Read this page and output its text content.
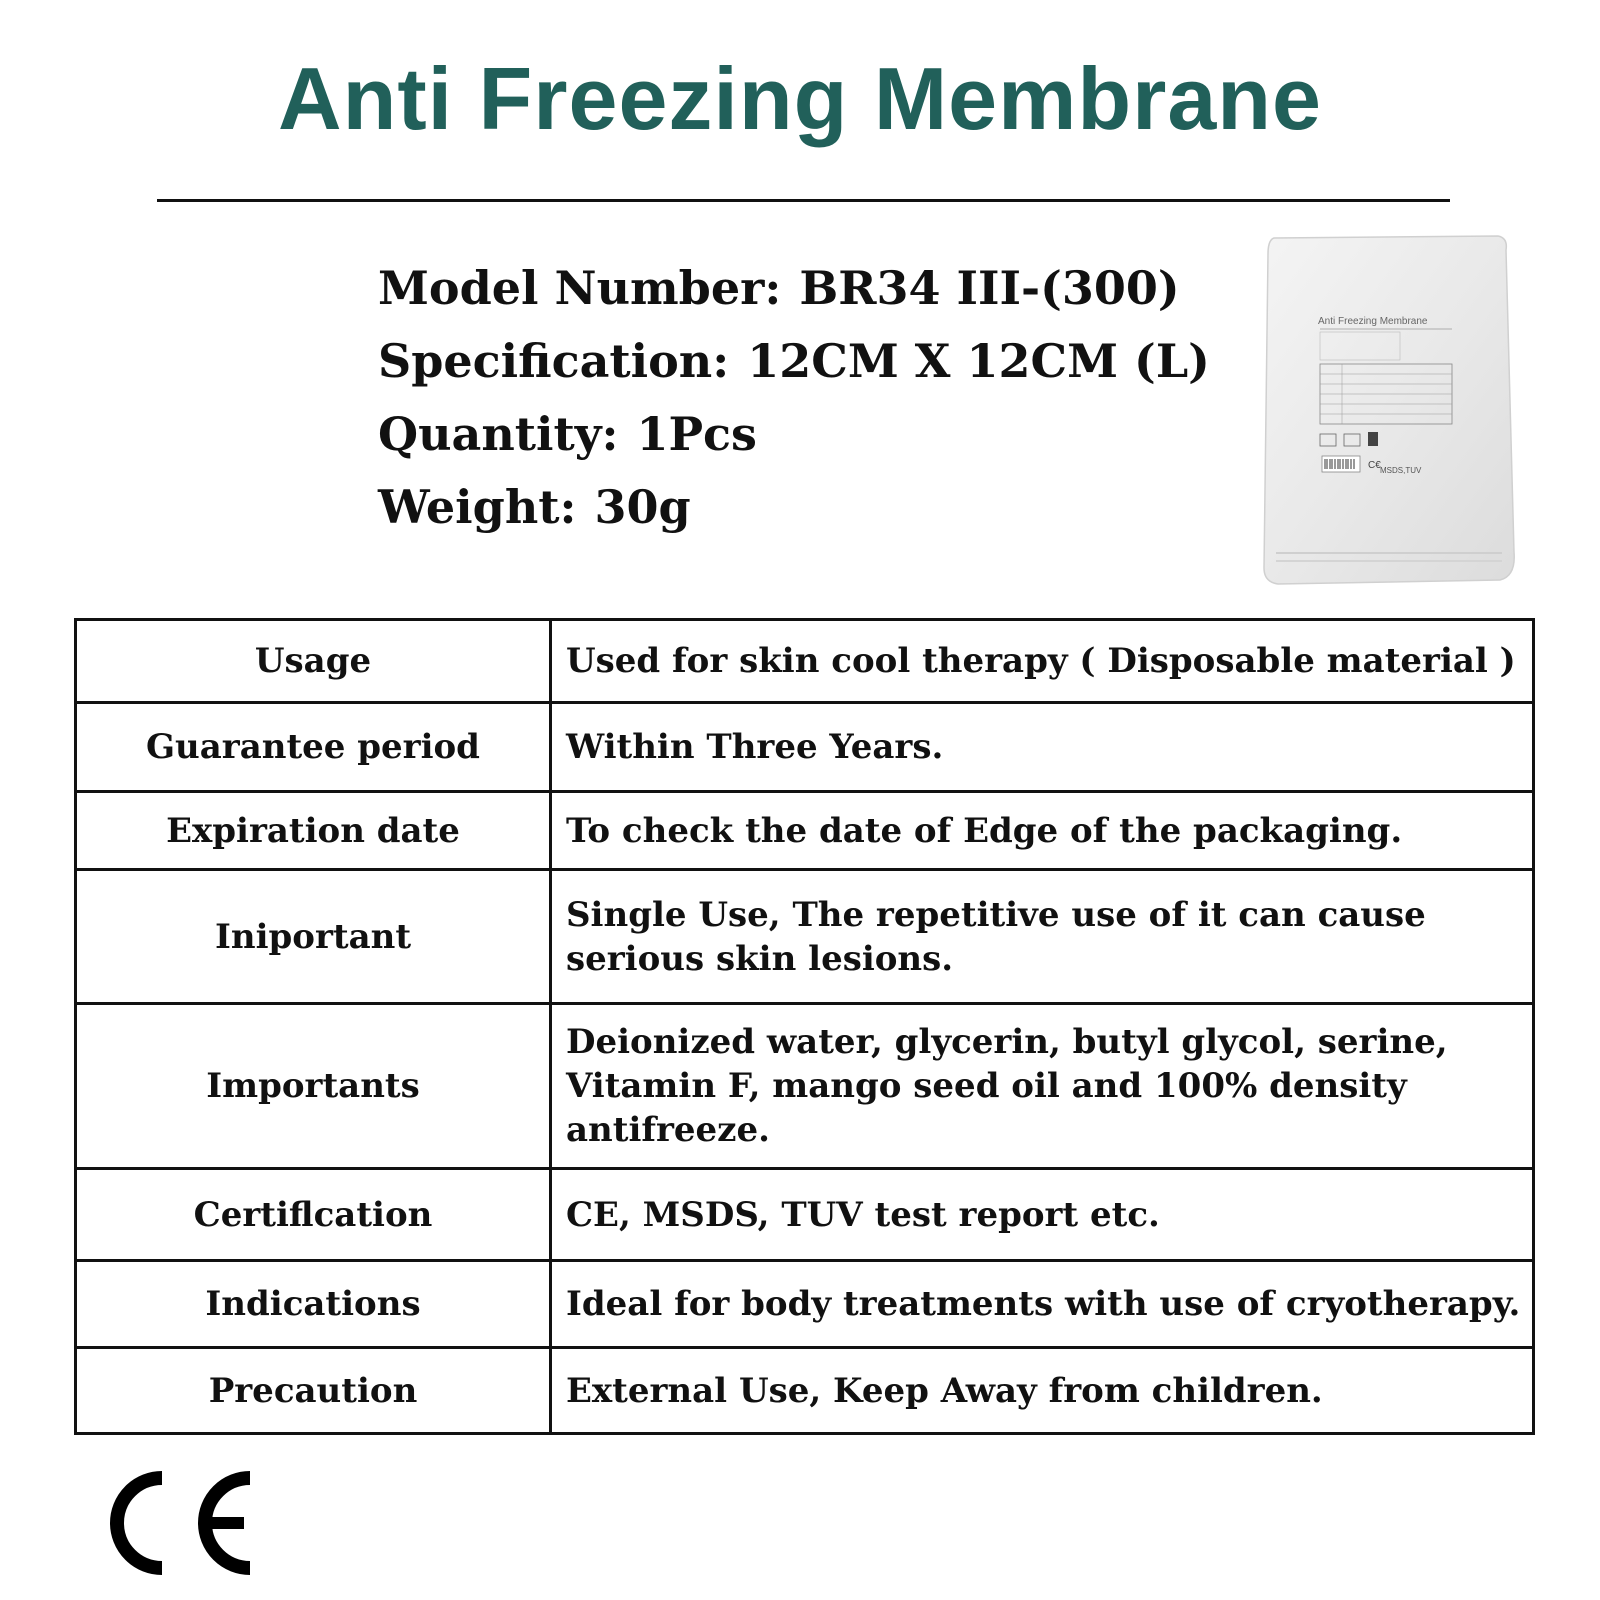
Anti Freezing Membrane
Model Number: BR34 III-(300)
Specification: 12CM X 12CM (L)
Quantity: 1Pcs
Weight: 30g
C€
Anti Freezing Membrane
MSDS,TUV
Usage	Used for skin cool therapy ( Disposable material )
Guarantee period	Within Three Years.
Expiration date	To check the date of Edge of the packaging.
Iniportant	Single Use, The repetitive use of it can cause serious skin lesions.
Importants	Deionized water, glycerin, butyl glycol, serine, Vitamin F, mango seed oil and 100% density antifreeze.
Certiflcation	CE, MSDS, TUV test report etc.
Indications	Ideal for body treatments with use of cryotherapy.
Precaution	External Use, Keep Away from children.
